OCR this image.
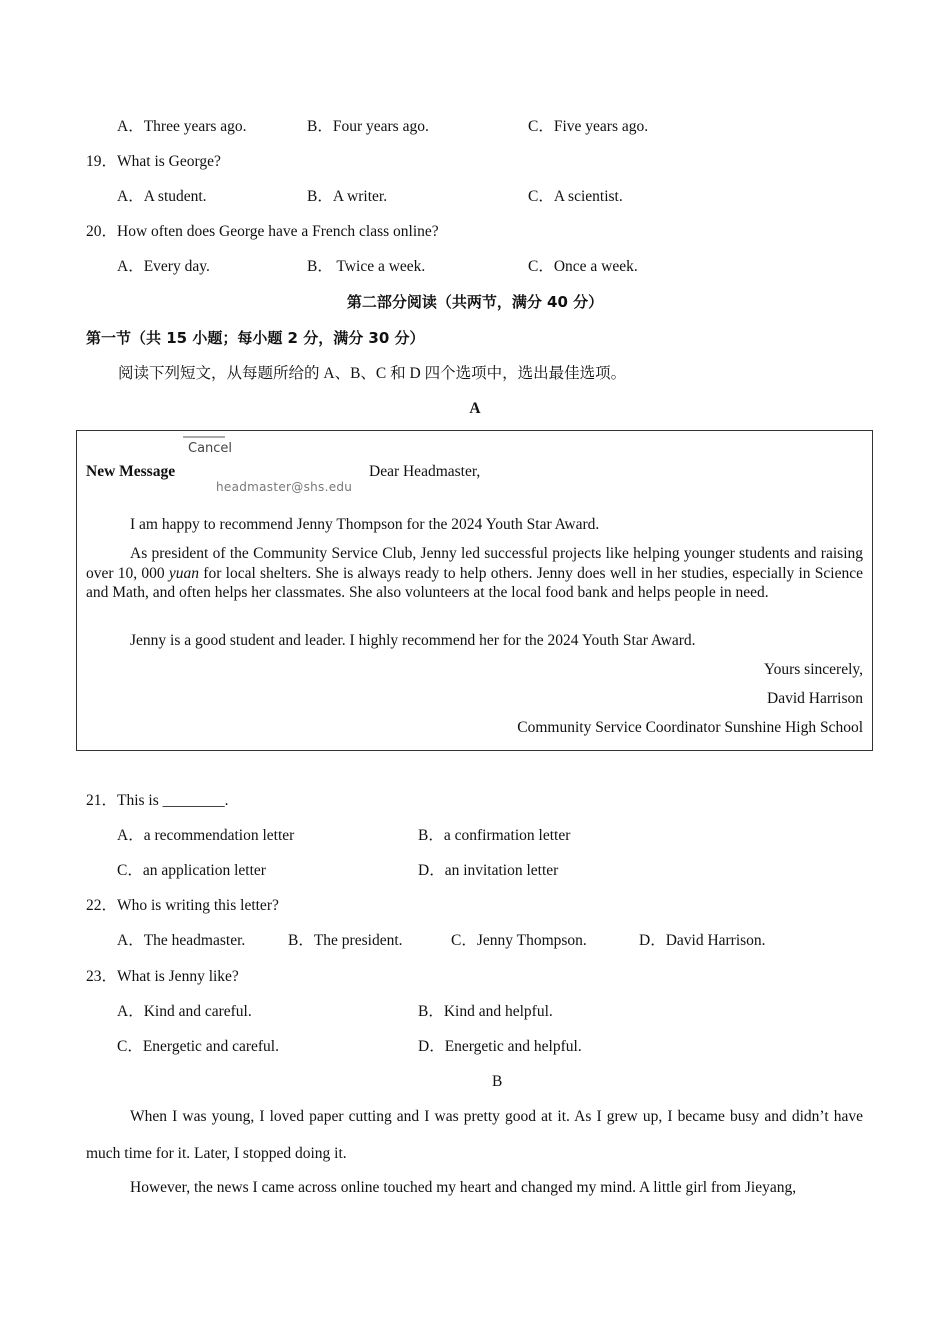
A．Three years ago.	B．Four years ago.	C．Five years ago.
19．What is George?
A．A student.	B．A writer.	C．A scientist.
20．How often does George have a French class online?
A．Every day.	B． Twice a week.	C．Once a week.
第二部分阅读（共两节，满分 40 分）
第一节（共 15 小题；每小题 2 分，满分 30 分）
阅读下列短文，从每题所给的 A、B、C 和 D 四个选项中，选出最佳选项。
A
Cancel
New Message
headmaster@shs.edu
Dear Headmaster,
I am happy to recommend Jenny Thompson for the 2024 Youth Star Award.
As president of the Community Service Club, Jenny led successful projects like helping younger students and raising over 10, 000 yuan for local shelters. She is always ready to help others. Jenny does well in her studies, especially in Science and Math, and often helps her classmates. She also volunteers at the local food bank and helps people in need.
Jenny is a good student and leader. I highly recommend her for the 2024 Youth Star Award.
Yours sincerely,
David Harrison
Community Service Coordinator Sunshine High School
21．This is ________.
A．a recommendation letter	B．a confirmation letter
C．an application letter	D．an invitation letter
22．Who is writing this letter?
A．The headmaster.	B．The president.	C．Jenny Thompson.	D．David Harrison.
23．What is Jenny like?
A．Kind and careful.	B．Kind and helpful.
C．Energetic and careful.	D．Energetic and helpful.
B
When I was young, I loved paper cutting and I was pretty good at it. As I grew up, I became busy and didn’t have much time for it. Later, I stopped doing it.
However, the news I came across online touched my heart and changed my mind. A little girl from Jieyang,
